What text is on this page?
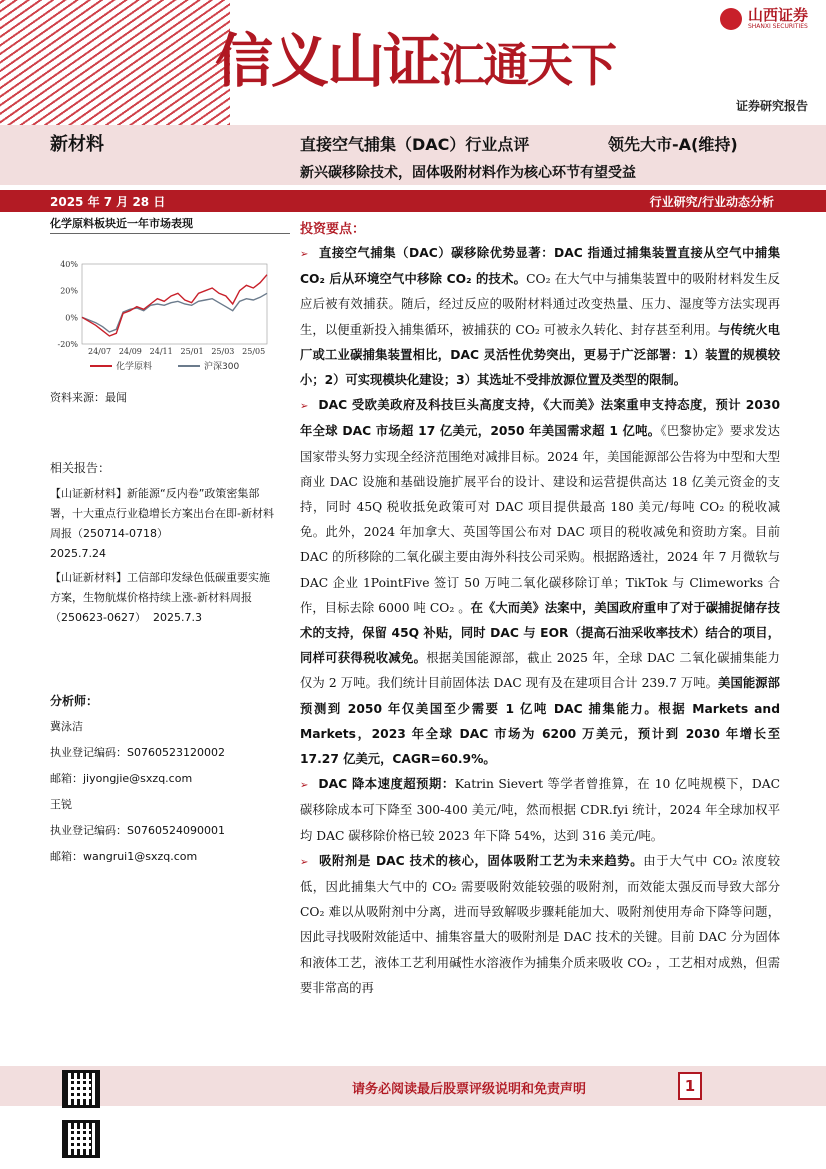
信义山证汇通天下
山西证券
SHANXI SECURITIES
证券研究报告
新材料	直接空气捕集（DAC）行业点评	领先大市-A(维持)
新兴碳移除技术，固体吸附材料作为核心环节有望受益
2025 年 7 月 28 日	行业研究/行业动态分析
化学原料板块近一年市场表现
40%
20%
0%
-20%
24/07 24/09 24/11 25/01 25/03 25/05
化学原料	沪深300
资料来源：最闻
相关报告：

【山证新材料】新能源“反内卷”政策密集部署，十大重点行业稳增长方案出台在即-新材料周报（250714-0718）
2025.7.24

【山证新材料】工信部印发绿色低碳重要实施方案，生物航煤价格持续上涨-新材料周报（250623-0627） 2025.7.3

分析师：
冀泳洁
执业登记编码：S0760523120002
邮箱：jiyongjie@sxzq.com
王锐
执业登记编码：S0760524090001
邮箱：wangrui1@sxzq.com
投资要点：

➢ 直接空气捕集（DAC）碳移除优势显著：DAC 指通过捕集装置直接从空气中捕集 CO₂ 后从环境空气中移除 CO₂ 的技术。CO₂ 在大气中与捕集装置中的吸附材料发生反应后被有效捕获。随后，经过反应的吸附材料通过改变热量、压力、湿度等方法实现再生，以便重新投入捕集循环，被捕获的 CO₂ 可被永久转化、封存甚至利用。与传统火电厂或工业碳捕集装置相比，DAC 灵活性优势突出，更易于广泛部署：1）装置的规模较小；2）可实现模块化建设；3）其选址不受排放源位置及类型的限制。

➢ DAC 受欧美政府及科技巨头高度支持，《大而美》法案重申支持态度，预计 2030 年全球 DAC 市场超 17 亿美元，2050 年美国需求超 1 亿吨。《巴黎协定》要求发达国家带头努力实现全经济范围绝对减排目标。2024 年，美国能源部公告将为中型和大型商业 DAC 设施和基础设施扩展平台的设计、建设和运营提供高达 18 亿美元资金的支持，同时 45Q 税收抵免政策可对 DAC 项目提供最高 180 美元/每吨 CO₂ 的税收减免。此外，2024 年加拿大、英国等国公布对 DAC 项目的税收减免和资助方案。目前 DAC 的所移除的二氧化碳主要由海外科技公司采购。根据路透社，2024 年 7 月微软与 DAC 企业 1PointFive 签订 50 万吨二氧化碳移除订单；TikTok 与 Climeworks 合作，目标去除 6000 吨 CO₂ 。在《大而美》法案中，美国政府重申了对于碳捕捉储存技术的支持，保留 45Q 补贴，同时 DAC 与 EOR（提高石油采收率技术）结合的项目，同样可获得税收减免。根据美国能源部，截止 2025 年，全球 DAC 二氧化碳捕集能力仅为 2 万吨。我们统计目前固体法 DAC 现有及在建项目合计 239.7 万吨。美国能源部预测到 2050 年仅美国至少需要 1 亿吨 DAC 捕集能力。根据 Markets and Markets，2023 年全球 DAC 市场为 6200 万美元，预计到 2030 年增长至 17.27 亿美元，CAGR=60.9%。

➢ DAC 降本速度超预期：Katrin Sievert 等学者曾推算，在 10 亿吨规模下，DAC 碳移除成本可下降至 300-400 美元/吨，然而根据 CDR.fyi 统计，2024 年全球加权平均 DAC 碳移除价格已较 2023 年下降 54%，达到 316 美元/吨。

➢ 吸附剂是 DAC 技术的核心，固体吸附工艺为未来趋势。由于大气中 CO₂ 浓度较低，因此捕集大气中的 CO₂ 需要吸附效能较强的吸附剂，而效能太强反而导致大部分 CO₂ 难以从吸附剂中分离，进而导致解吸步骤耗能加大、吸附剂使用寿命下降等问题，因此寻找吸附效能适中、捕集容量大的吸附剂是 DAC 技术的关键。目前 DAC 分为固体和液体工艺，液体工艺利用碱性水溶液作为捕集介质来吸收 CO₂ ，工艺相对成熟，但需要非常高的再

请务必阅读最后股票评级说明和免责声明	1
